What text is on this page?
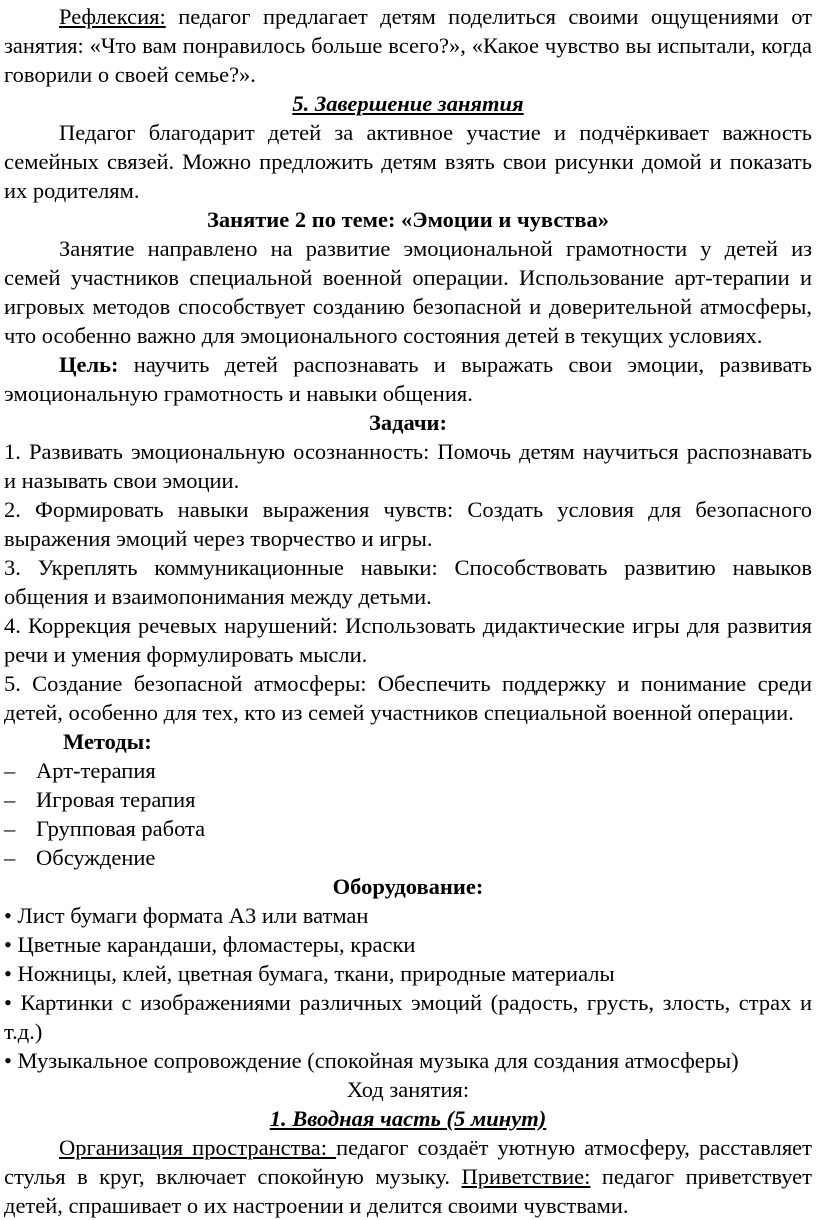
Рефлексия: педагог предлагает детям поделиться своими ощущениями от занятия: «Что вам понравилось больше всего?», «Какое чувство вы испытали, когда говорили о своей семье?».

5. Завершение занятия

Педагог благодарит детей за активное участие и подчёркивает важность семейных связей. Можно предложить детям взять свои рисунки домой и показать их родителям.

Занятие 2 по теме: «Эмоции и чувства»

Занятие направлено на развитие эмоциональной грамотности у детей из семей участников специальной военной операции. Использование арт-терапии и игровых методов способствует созданию безопасной и доверительной атмосферы, что особенно важно для эмоционального состояния детей в текущих условиях.

Цель: научить детей распознавать и выражать свои эмоции, развивать эмоциональную грамотность и навыки общения.

Задачи:

1. Развивать эмоциональную осознанность: Помочь детям научиться распознавать и называть свои эмоции.

2. Формировать навыки выражения чувств: Создать условия для безопасного выражения эмоций через творчество и игры.

3. Укреплять коммуникационные навыки: Способствовать развитию навыков общения и взаимопонимания между детьми.

4. Коррекция речевых нарушений: Использовать дидактические игры для развития речи и умения формулировать мысли.

5. Создание безопасной атмосферы: Обеспечить поддержку и понимание среди детей, особенно для тех, кто из семей участников специальной военной операции.

Методы:

– Арт-терапия
– Игровая терапия
– Групповая работа
– Обсуждение

Оборудование:

• Лист бумаги формата А3 или ватман

• Цветные карандаши, фломастеры, краски

• Ножницы, клей, цветная бумага, ткани, природные материалы

• Картинки с изображениями различных эмоций (радость, грусть, злость, страх и т.д.)

• Музыкальное сопровождение (спокойная музыка для создания атмосферы)

Ход занятия:

1. Вводная часть (5 минут)

Организация пространства: педагог создаёт уютную атмосферу, расставляет стулья в круг, включает спокойную музыку. Приветствие: педагог приветствует детей, спрашивает о их настроении и делится своими чувствами.
